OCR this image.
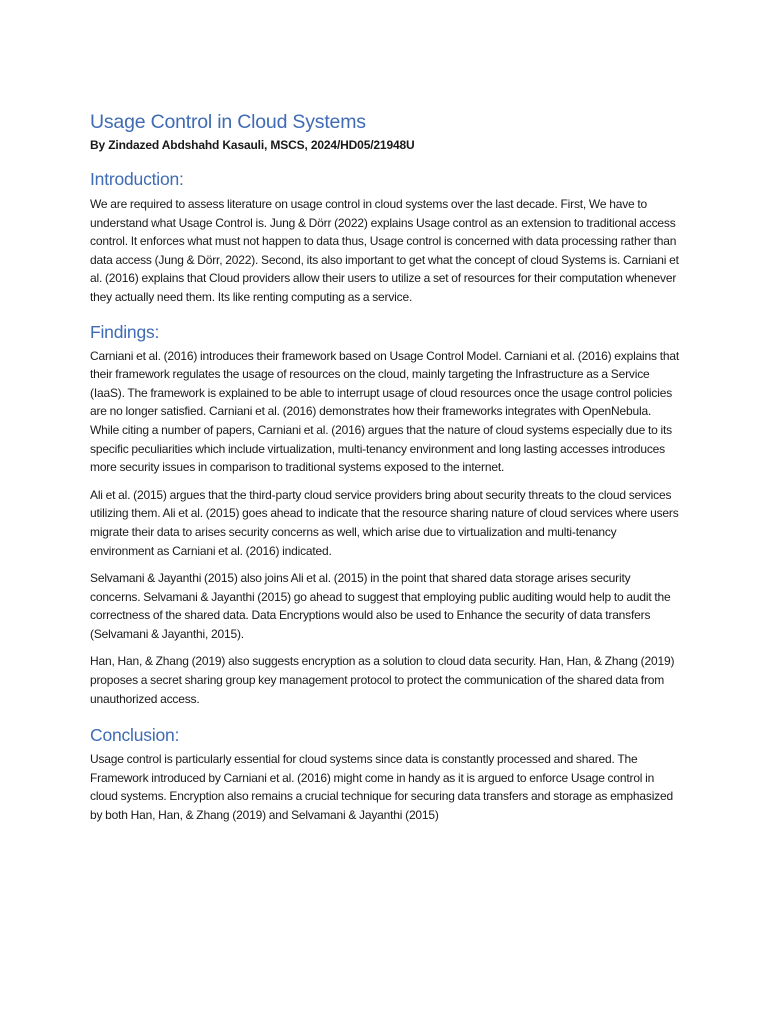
Usage Control in Cloud Systems

By Zindazed Abdshahd Kasauli, MSCS, 2024/HD05/21948U

Introduction:

We are required to assess literature on usage control in cloud systems over the last decade. First, We have to understand what Usage Control is. Jung & Dörr (2022) explains Usage control as an extension to traditional access control. It enforces what must not happen to data thus, Usage control is concerned with data processing rather than data access (Jung & Dörr, 2022). Second, its also important to get what the concept of cloud Systems is. Carniani et al. (2016) explains that Cloud providers allow their users to utilize a set of resources for their computation whenever they actually need them. Its like renting computing as a service.

Findings:

Carniani et al. (2016) introduces their framework based on Usage Control Model. Carniani et al. (2016) explains that their framework regulates the usage of resources on the cloud, mainly targeting the Infrastructure as a Service (IaaS). The framework is explained to be able to interrupt usage of cloud resources once the usage control policies are no longer satisfied. Carniani et al. (2016) demonstrates how their frameworks integrates with OpenNebula. While citing a number of papers, Carniani et al. (2016) argues that the nature of cloud systems especially due to its specific peculiarities which include virtualization, multi-tenancy environment and long lasting accesses introduces more security issues in comparison to traditional systems exposed to the internet.

Ali et al. (2015) argues that the third-party cloud service providers bring about security threats to the cloud services utilizing them. Ali et al. (2015) goes ahead to indicate that the resource sharing nature of cloud services where users migrate their data to arises security concerns as well, which arise due to virtualization and multi-tenancy environment as Carniani et al. (2016) indicated.

Selvamani & Jayanthi (2015) also joins Ali et al. (2015) in the point that shared data storage arises security concerns. Selvamani & Jayanthi (2015) go ahead to suggest that employing public auditing would help to audit the correctness of the shared data. Data Encryptions would also be used to Enhance the security of data transfers (Selvamani & Jayanthi, 2015).

Han, Han, & Zhang (2019) also suggests encryption as a solution to cloud data security. Han, Han, & Zhang (2019) proposes a secret sharing group key management protocol to protect the communication of the shared data from unauthorized access.

Conclusion:

Usage control is particularly essential for cloud systems since data is constantly processed and shared. The Framework introduced by Carniani et al. (2016) might come in handy as it is argued to enforce Usage control in cloud systems. Encryption also remains a crucial technique for securing data transfers and storage as emphasized by both Han, Han, & Zhang (2019) and Selvamani & Jayanthi (2015)
